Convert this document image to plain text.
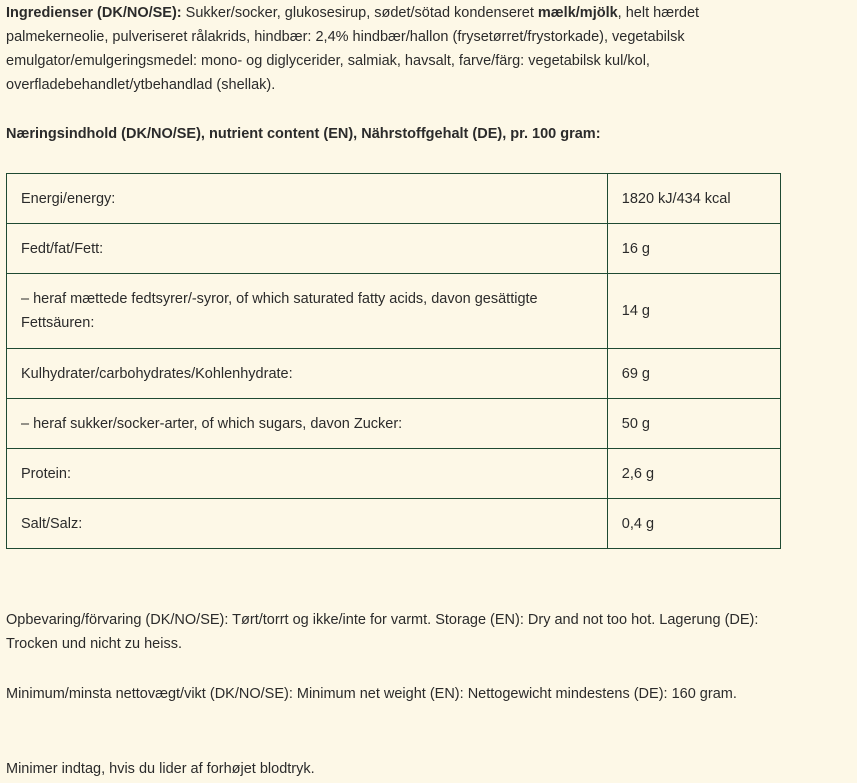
Ingredienser (DK/NO/SE): Sukker/socker, glukosesirup, sødet/sötad kondenseret mælk/mjölk, helt hærdet palmekerneolie, pulveriseret rålakrids, hindbær: 2,4% hindbær/hallon (frysetørret/frystorkade), vegetabilsk emulgator/emulgeringsmedel: mono- og diglycerider, salmiak, havsalt, farve/färg: vegetabilsk kul/kol, overfladebehandlet/ytbehandlad (shellak).

Næringsindhold (DK/NO/SE), nutrient content (EN), Nährstoffgehalt (DE), pr. 100 gram:

Energi/energy:	1820 kJ/434 kcal
Fedt/fat/Fett:	16 g
– heraf mættede fedtsyrer/-syror, of which saturated fatty acids, davon gesättigte Fettsäuren:	14 g
Kulhydrater/carbohydrates/Kohlenhydrate:	69 g
– heraf sukker/socker-arter, of which sugars, davon Zucker:	50 g
Protein:	2,6 g
Salt/Salz:	0,4 g

Opbevaring/förvaring (DK/NO/SE): Tørt/torrt og ikke/inte for varmt. Storage (EN): Dry and not too hot. Lagerung (DE): Trocken und nicht zu heiss.

Minimum/minsta nettovægt/vikt (DK/NO/SE): Minimum net weight (EN): Nettogewicht mindestens (DE): 160 gram.

Minimer indtag, hvis du lider af forhøjet blodtryk.
